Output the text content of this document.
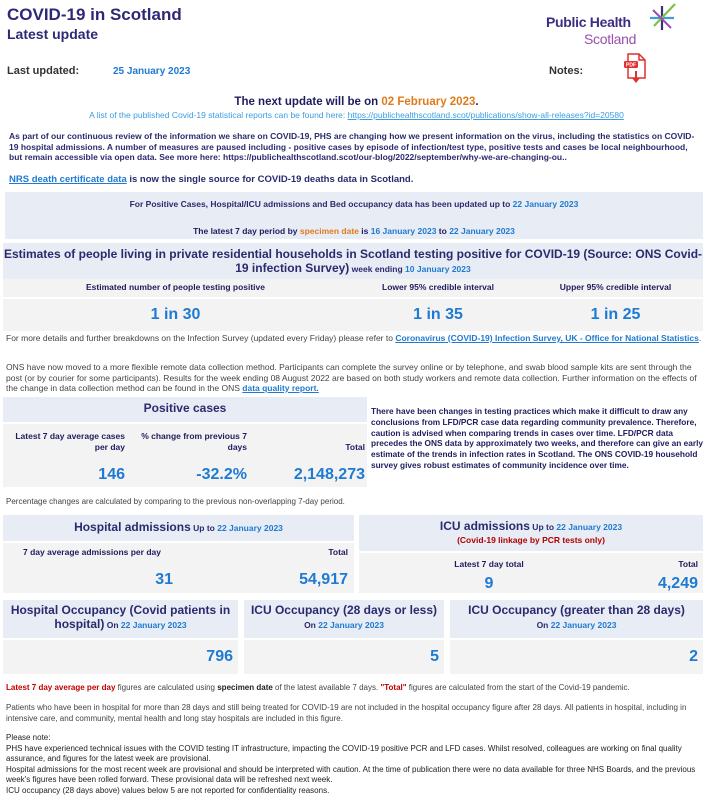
COVID-19 in Scotland
Latest update
Last updated:	25 January 2023
Public Health
Scotland
Notes:	PDF
The next update will be on 02 February 2023.
A list of the published Covid-19 statistical reports can be found here: https://publichealthscotland.scot/publications/show-all-releases?id=20580
As part of our continuous review of the information we share on COVID-19, PHS are changing how we present information on the virus, including the statistics on COVID-19 hospital admissions. A number of measures are paused including - positive cases by episode of infection/test type, positive tests and cases be local neighbourhood, but remain accessible via open data. See more here: https://publichealthscotland.scot/our-blog/2022/september/why-we-are-changing-ou..
NRS death certificate data is now the single source for COVID-19 deaths data in Scotland.
For Positive Cases, Hospital/ICU admissions and Bed occupancy data has been updated up to 22 January 2023
The latest 7 day period by specimen date is 16 January 2023 to 22 January 2023
Estimates of people living in private residential households in Scotland testing positive for COVID-19 (Source: ONS Covid-19 infection Survey) week ending 10 January 2023
Estimated number of people testing positive	Lower 95% credible interval	Upper 95% credible interval
1 in 30	1 in 35	1 in 25
For more details and further breakdowns on the Infection Survey (updated every Friday) please refer to Coronavirus (COVID-19) Infection Survey, UK - Office for National Statistics.
ONS have now moved to a more flexible remote data collection method. Participants can complete the survey online or by telephone, and swab blood sample kits are sent through the post (or by courier for some participants). Results for the week ending 08 August 2022 are based on both study workers and remote data collection. Further information on the effects of the change in data collection method can be found in the ONS data quality report.
Positive cases
Latest 7 day average cases per day
% change from previous 7 days	Total
146	-32.2%	2,148,273
There have been changes in testing practices which make it difficult to draw any conclusions from LFD/PCR case data regarding community prevalence. Therefore, caution is advised when comparing trends in cases over time. LFD/PCR data precedes the ONS data by approximately two weeks, and therefore can give an early estimate of the trends in infection rates in Scotland. The ONS COVID-19 household survey gives robust estimates of community incidence over time.
Percentage changes are calculated by comparing to the previous non-overlapping 7-day period.
Hospital admissions Up to 22 January 2023
7 day average admissions per day	Total
31	54,917
ICU admissions Up to 22 January 2023
(Covid-19 linkage by PCR tests only)
Latest 7 day total	Total
9	4,249
Hospital Occupancy (Covid patients in hospital) On 22 January 2023
796
ICU Occupancy (28 days or less)
On 22 January 2023
5
ICU Occupancy (greater than 28 days)
On 22 January 2023
2
Latest 7 day average per day figures are calculated using specimen date of the latest available 7 days. "Total" figures are calculated from the start of the Covid-19 pandemic.
Patients who have been in hospital for more than 28 days and still being treated for COVID-19 are not included in the hospital occupancy figure after 28 days. All patients in hospital, including in intensive care, and community, mental health and long stay hospitals are included in this figure.
Please note:
PHS have experienced technical issues with the COVID testing IT infrastructure, impacting the COVID-19 positive PCR and LFD cases. Whilst resolved, colleagues are working on final quality assurance, and figures for the latest week are provisional.
Hospital admissions for the most recent week are provisional and should be interpreted with caution. At the time of publication there were no data available for three NHS Boards, and the previous week's figures have been rolled forward. These provisional data will be refreshed next week.
ICU occupancy (28 days above) values below 5 are not reported for confidentiality reasons.
